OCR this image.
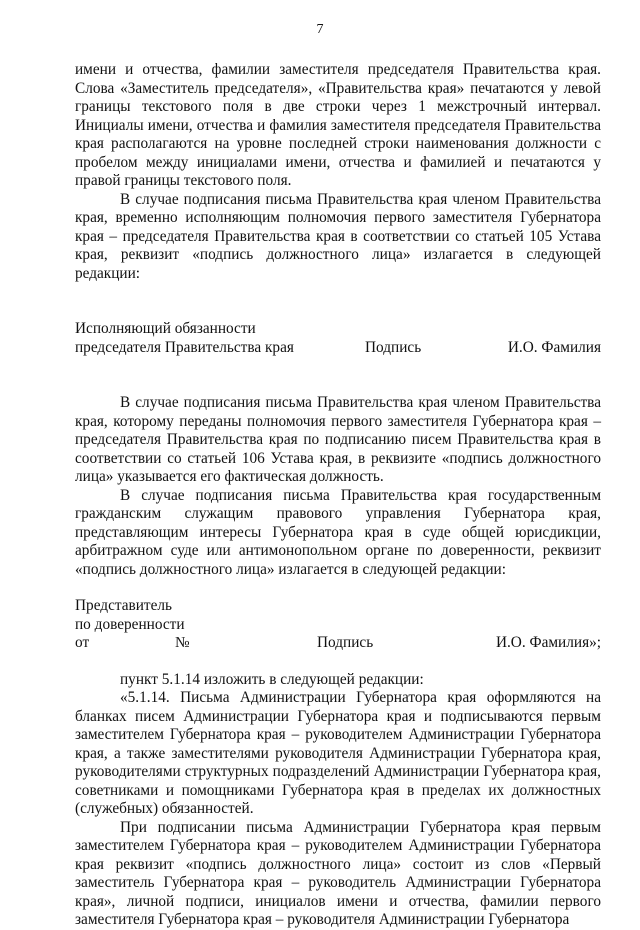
7

имени и отчества, фамилии заместителя председателя Правительства края. Слова «Заместитель председателя», «Правительства края» печатаются у левой границы текстового поля в две строки через 1 межстрочный интервал. Инициалы имени, отчества и фамилия заместителя председателя Правительства края располагаются на уровне последней строки наименования должности с пробелом между инициалами имени, отчества и фамилией и печатаются у правой границы текстового поля.

В случае подписания письма Правительства края членом Правительства края, временно исполняющим полномочия первого заместителя Губернатора края – председателя Правительства края в соответствии со статьей 105 Устава края, реквизит «подпись должностного лица» излагается в следующей редакции:

Исполняющий обязанности
председателя Правительства края	Подпись	И.О. Фамилия

В случае подписания письма Правительства края членом Правительства края, которому переданы полномочия первого заместителя Губернатора края – председателя Правительства края по подписанию писем Правительства края в соответствии со статьей 106 Устава края, в реквизите «подпись должностного лица» указывается его фактическая должность.

В случае подписания письма Правительства края государственным гражданским служащим правового управления Губернатора края, представляющим интересы Губернатора края в суде общей юрисдикции, арбитражном суде или антимонопольном органе по доверенности, реквизит «подпись должностного лица» излагается в следующей редакции:

Представитель
по доверенности
от	№	Подпись	И.О. Фамилия»;

пункт 5.1.14 изложить в следующей редакции:

«5.1.14. Письма Администрации Губернатора края оформляются на бланках писем Администрации Губернатора края и подписываются первым заместителем Губернатора края – руководителем Администрации Губернатора края, а также заместителями руководителя Администрации Губернатора края, руководителями структурных подразделений Администрации Губернатора края, советниками и помощниками Губернатора края в пределах их должностных (служебных) обязанностей.

При подписании письма Администрации Губернатора края первым заместителем Губернатора края – руководителем Администрации Губернатора края реквизит «подпись должностного лица» состоит из слов «Первый заместитель Губернатора края – руководитель Администрации Губернатора края», личной подписи, инициалов имени и отчества, фамилии первого заместителя Губернатора края – руководителя Администрации Губернатора
